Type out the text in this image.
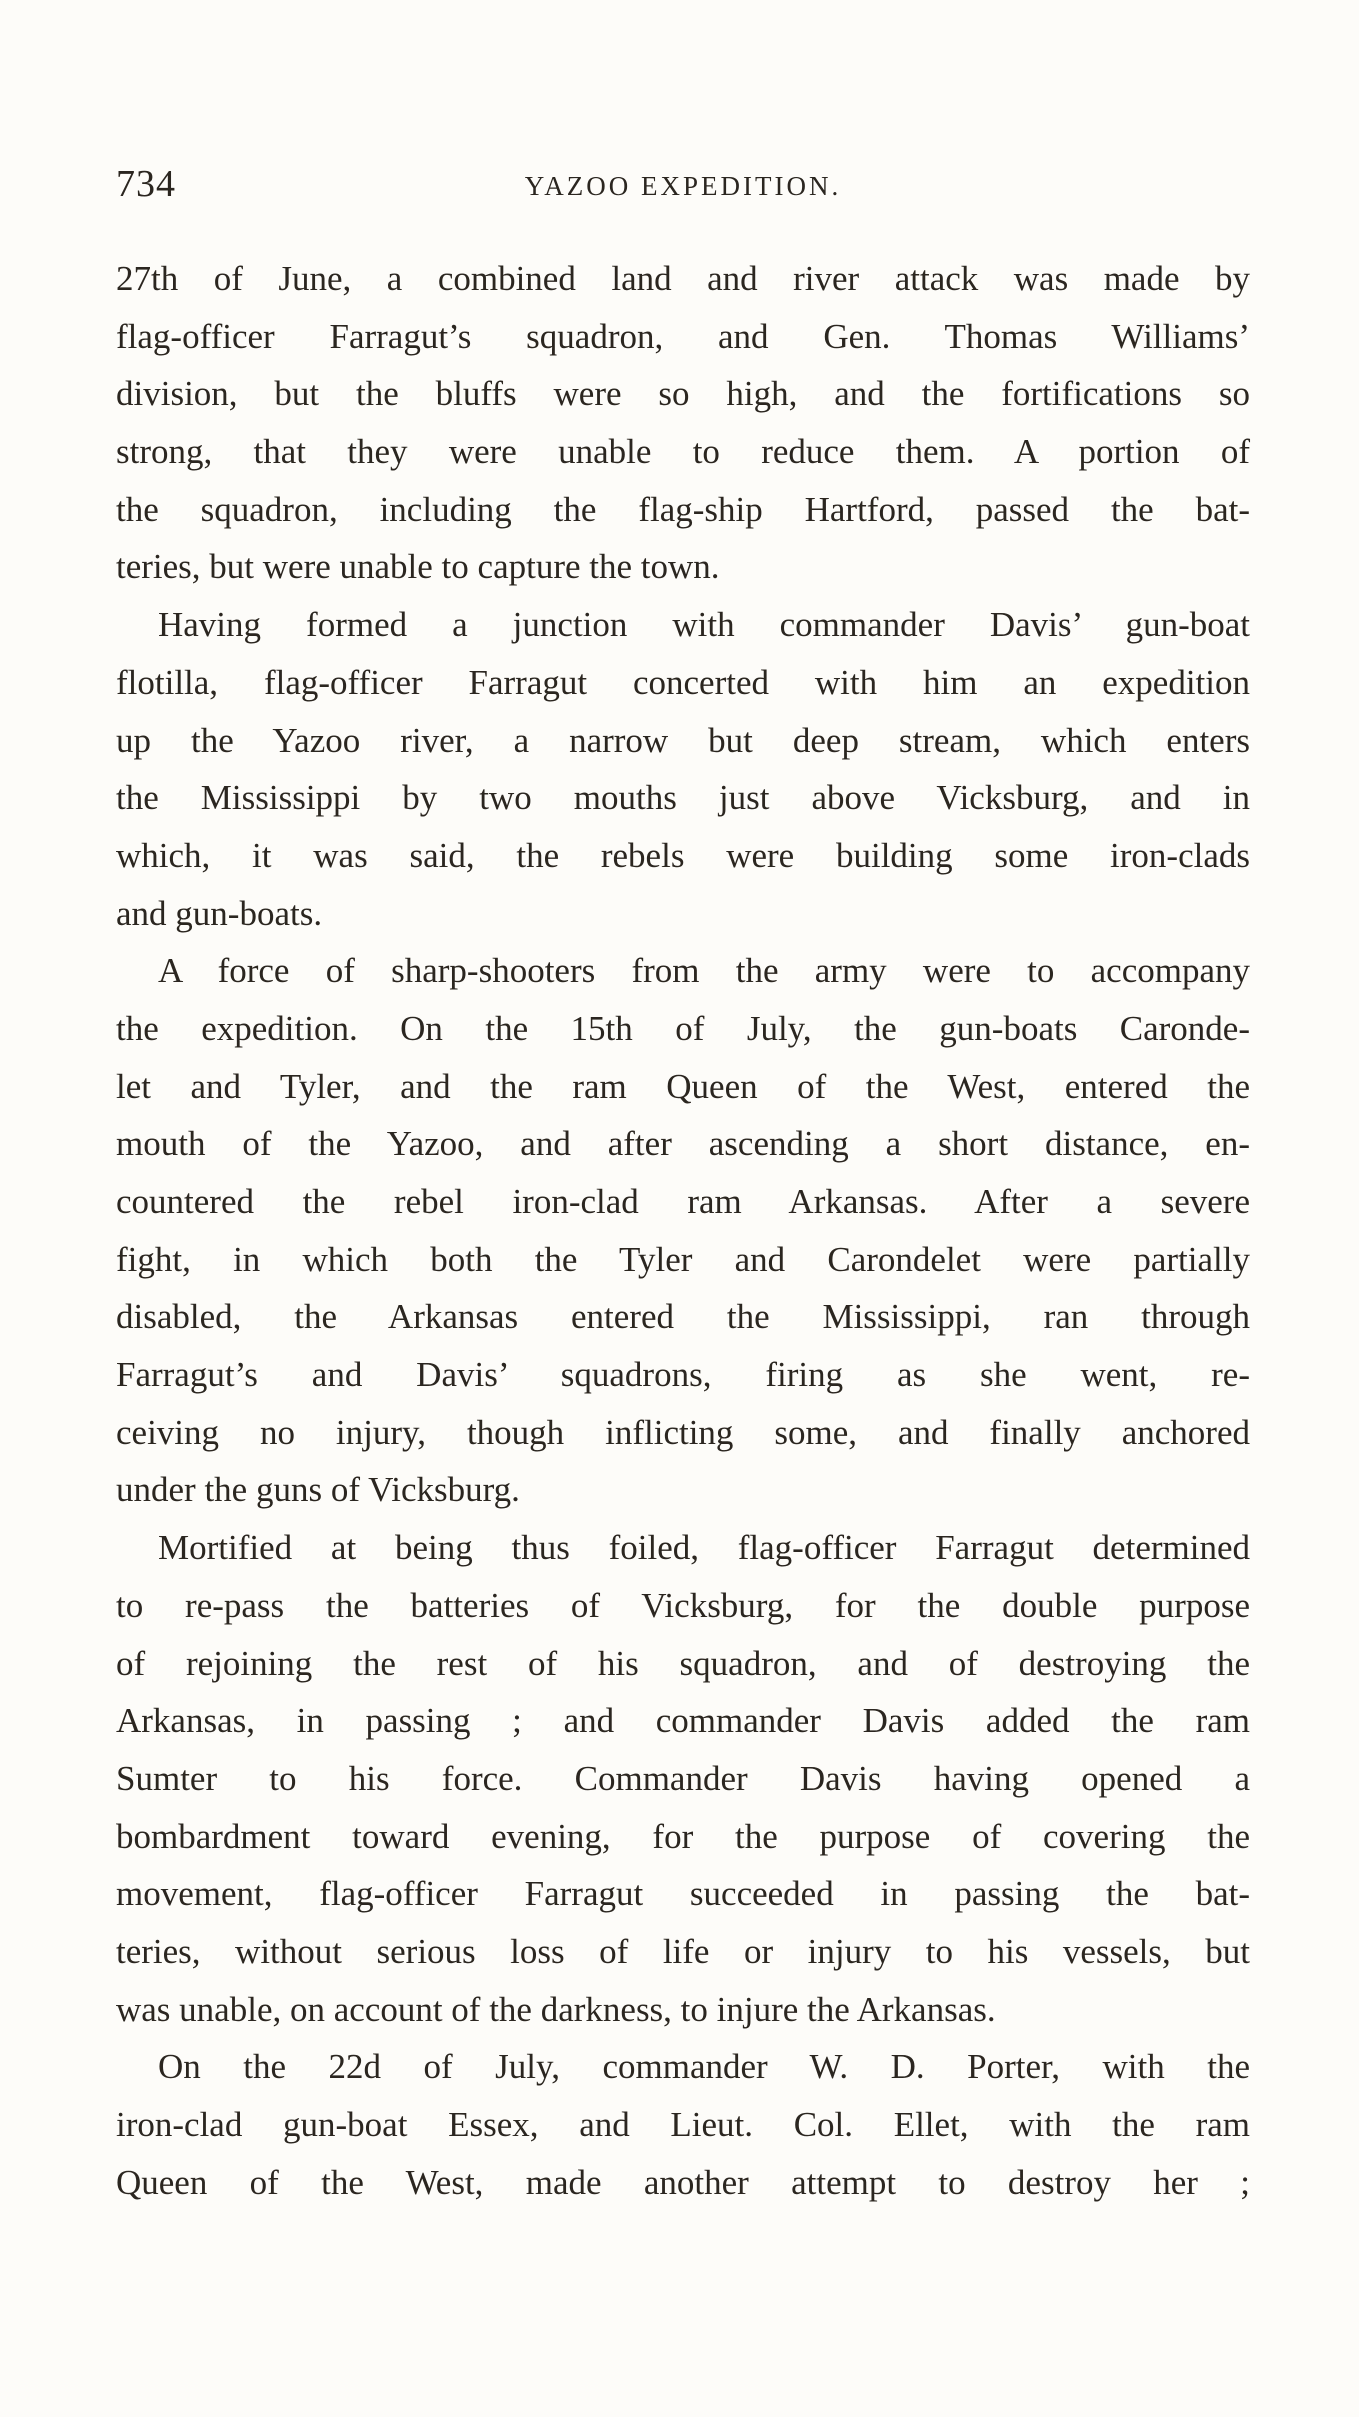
734	YAZOO EXPEDITION.
27th of June, a combined land and river attack was made by
flag-officer Farragut’s squadron, and Gen. Thomas Williams’
division, but the bluffs were so high, and the fortifications so
strong, that they were unable to reduce them. A portion of
the squadron, including the flag-ship Hartford, passed the bat-
teries, but were unable to capture the town.
Having formed a junction with commander Davis’ gun-boat
flotilla, flag-officer Farragut concerted with him an expedition
up the Yazoo river, a narrow but deep stream, which enters
the Mississippi by two mouths just above Vicksburg, and in
which, it was said, the rebels were building some iron-clads
and gun-boats.
A force of sharp-shooters from the army were to accompany
the expedition. On the 15th of July, the gun-boats Caronde-
let and Tyler, and the ram Queen of the West, entered the
mouth of the Yazoo, and after ascending a short distance, en-
countered the rebel iron-clad ram Arkansas. After a severe
fight, in which both the Tyler and Carondelet were partially
disabled, the Arkansas entered the Mississippi, ran through
Farragut’s and Davis’ squadrons, firing as she went, re-
ceiving no injury, though inflicting some, and finally anchored
under the guns of Vicksburg.
Mortified at being thus foiled, flag-officer Farragut determined
to re-pass the batteries of Vicksburg, for the double purpose
of rejoining the rest of his squadron, and of destroying the
Arkansas, in passing ; and commander Davis added the ram
Sumter to his force. Commander Davis having opened a
bombardment toward evening, for the purpose of covering the
movement, flag-officer Farragut succeeded in passing the bat-
teries, without serious loss of life or injury to his vessels, but
was unable, on account of the darkness, to injure the Arkansas.
On the 22d of July, commander W. D. Porter, with the
iron-clad gun-boat Essex, and Lieut. Col. Ellet, with the ram
Queen of the West, made another attempt to destroy her ;
